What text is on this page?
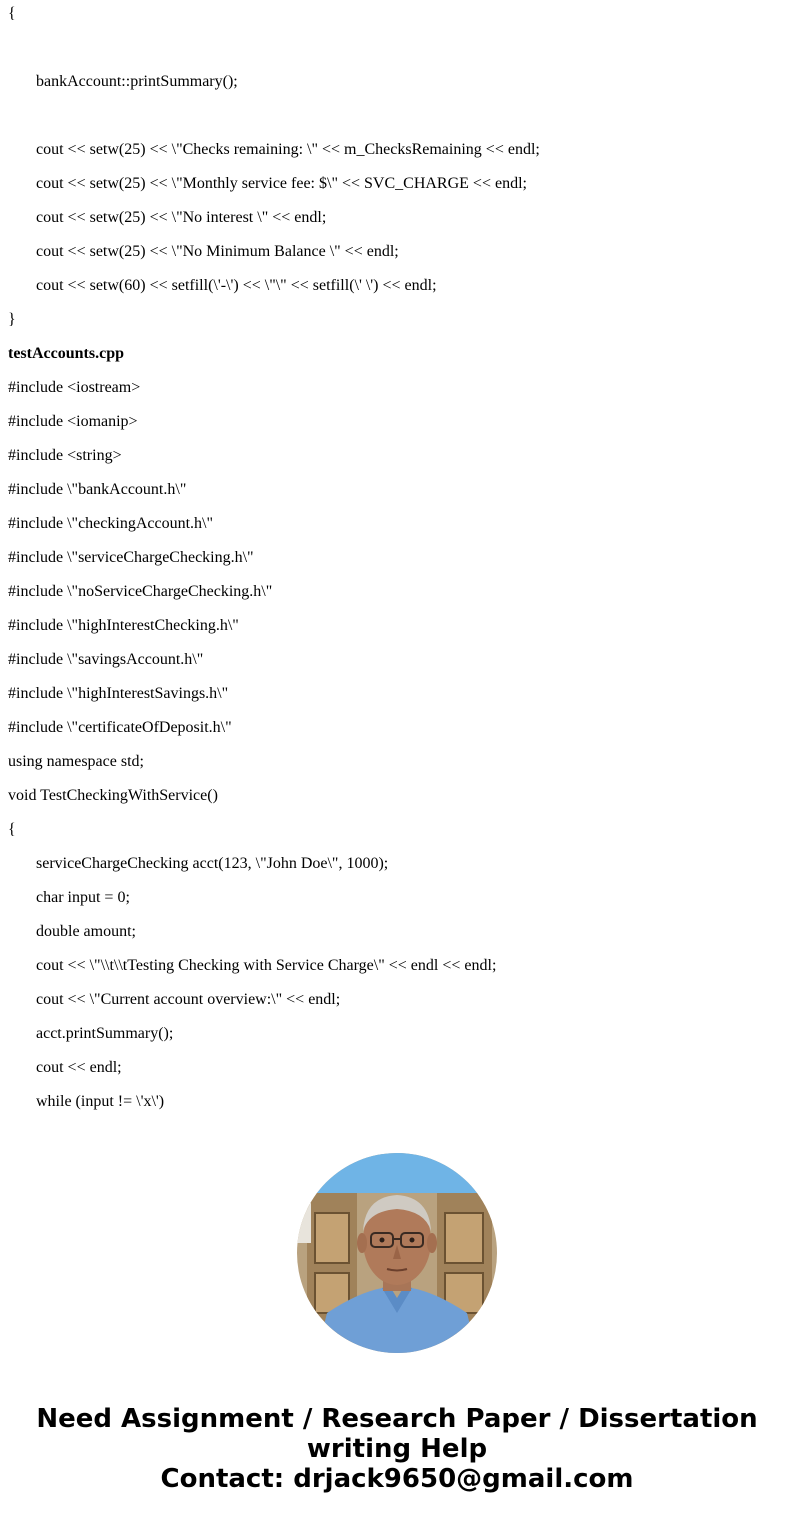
{
bankAccount::printSummary();
cout << setw(25) << \"Checks remaining: \" << m_ChecksRemaining << endl;
cout << setw(25) << \"Monthly service fee: $\" << SVC_CHARGE << endl;
cout << setw(25) << \"No interest \" << endl;
cout << setw(25) << \"No Minimum Balance \" << endl;
cout << setw(60) << setfill(\'-\') << \"\" << setfill(\' \') << endl;
}
testAccounts.cpp
#include <iostream>
#include <iomanip>
#include <string>
#include \"bankAccount.h\"
#include \"checkingAccount.h\"
#include \"serviceChargeChecking.h\"
#include \"noServiceChargeChecking.h\"
#include \"highInterestChecking.h\"
#include \"savingsAccount.h\"
#include \"highInterestSavings.h\"
#include \"certificateOfDeposit.h\"
using namespace std;
void TestCheckingWithService()
{
serviceChargeChecking acct(123, \"John Doe\", 1000);
char input = 0;
double amount;
cout << \"\\t\\tTesting Checking with Service Charge\" << endl << endl;
cout << \"Current account overview:\" << endl;
acct.printSummary();
cout << endl;
while (input != \'x\')
Need Assignment / Research Paper / Dissertation
writing Help
Contact: drjack9650@gmail.com
